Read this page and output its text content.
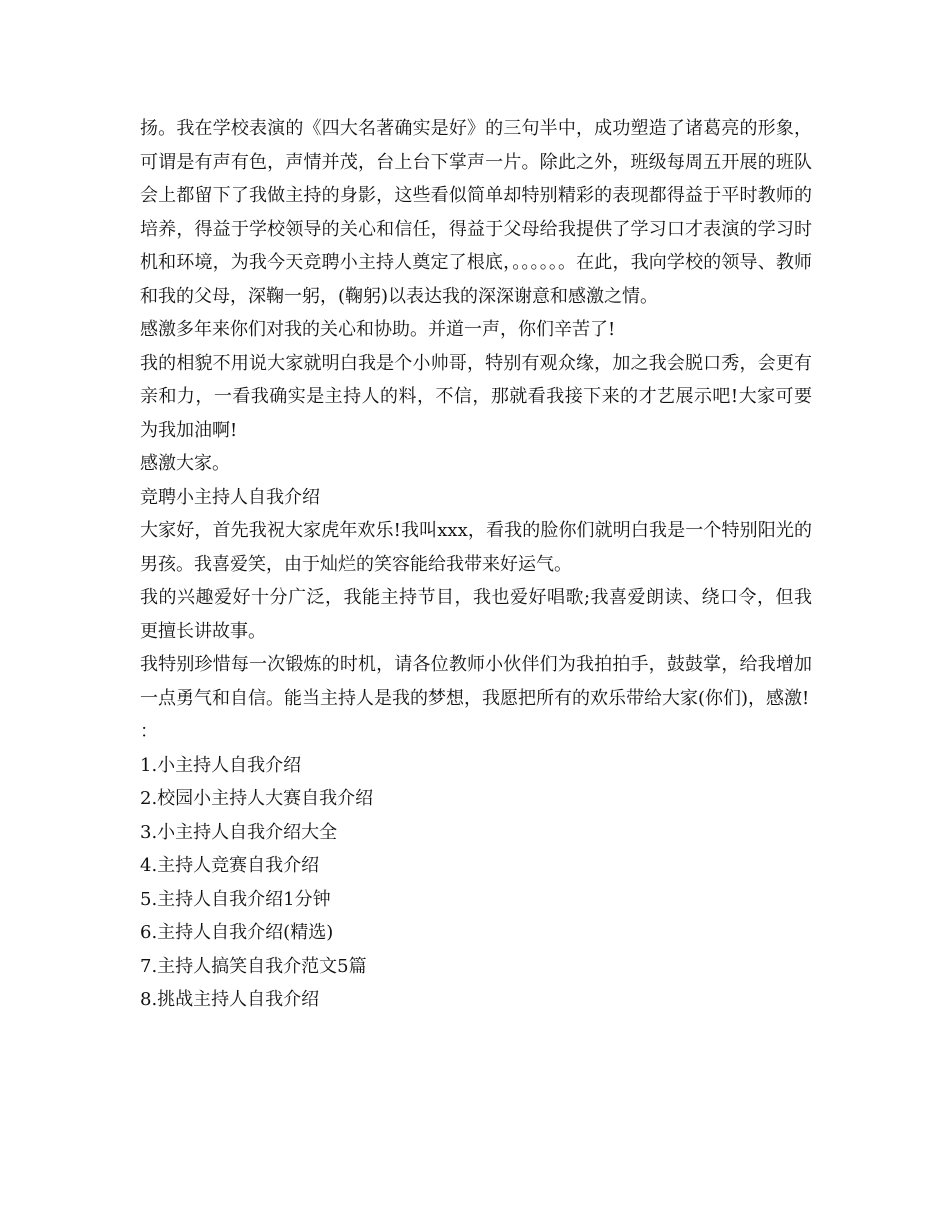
扬。我在学校表演的《四大名著确实是好》的三句半中，成功塑造了诸葛亮的形象，可谓是有声有色，声情并茂，台上台下掌声一片。除此之外，班级每周五开展的班队会上都留下了我做主持的身影，这些看似简单却特别精彩的表现都得益于平时教师的培养，得益于学校领导的关心和信任，得益于父母给我提供了学习口才表演的学习时机和环境，为我今天竞聘小主持人奠定了根底，。。。。。。在此，我向学校的领导、教师和我的父母，深鞠一躬，(鞠躬)以表达我的深深谢意和感激之情。

感激多年来你们对我的关心和协助。并道一声，你们辛苦了!

我的相貌不用说大家就明白我是个小帅哥，特别有观众缘，加之我会脱口秀，会更有亲和力，一看我确实是主持人的料，不信，那就看我接下来的才艺展示吧!大家可要为我加油啊!

感激大家。

竞聘小主持人自我介绍

大家好，首先我祝大家虎年欢乐!我叫xxx，看我的脸你们就明白我是一个特别阳光的男孩。我喜爱笑，由于灿烂的笑容能给我带来好运气。

我的兴趣爱好十分广泛，我能主持节目，我也爱好唱歌;我喜爱朗读、绕口令，但我更擅长讲故事。

我特别珍惜每一次锻炼的时机，请各位教师小伙伴们为我拍拍手，鼓鼓掌，给我增加一点勇气和自信。能当主持人是我的梦想，我愿把所有的欢乐带给大家(你们)，感激!

：

1.小主持人自我介绍
2.校园小主持人大赛自我介绍
3.小主持人自我介绍大全
4.主持人竞赛自我介绍
5.主持人自我介绍1分钟
6.主持人自我介绍(精选)
7.主持人搞笑自我介范文5篇
8.挑战主持人自我介绍
